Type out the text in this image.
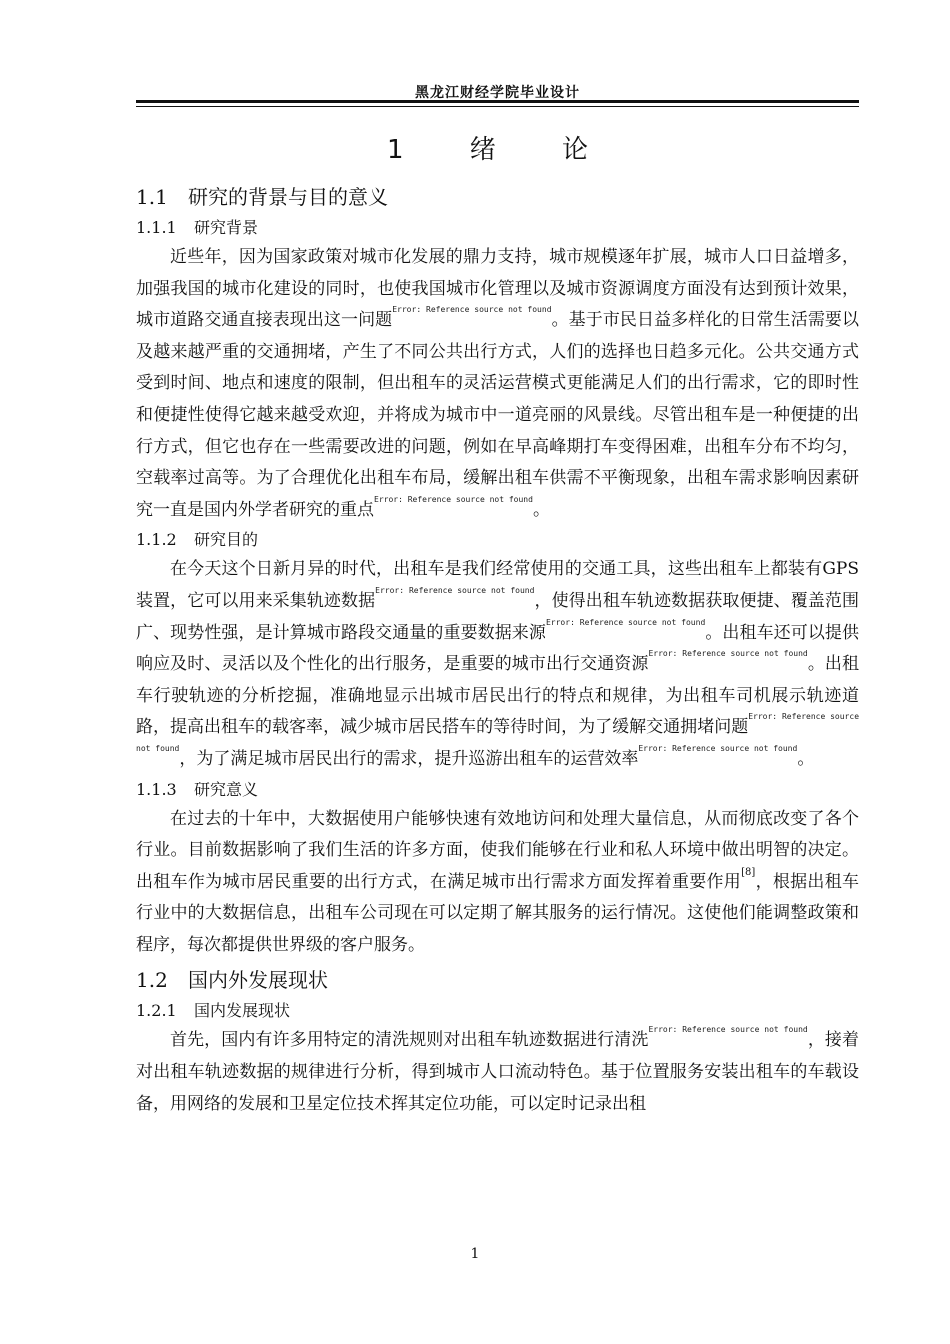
黑龙江财经学院毕业设计
1 绪 论
1.1 研究的背景与目的意义
1.1.1 研究背景

近些年，因为国家政策对城市化发展的鼎力支持，城市规模逐年扩展，城市人口日益增多，加强我国的城市化建设的同时，也使我国城市化管理以及城市资源调度方面没有达到预计效果，城市道路交通直接表现出这一问题$^{Error: Reference source not found}$。基于市民日益多样化的日常生活需要以及越来越严重的交通拥堵，产生了不同公共出行方式，人们的选择也日趋多元化。公共交通方式受到时间、地点和速度的限制，但出租车的灵活运营模式更能满足人们的出行需求，它的即时性和便捷性使得它越来越受欢迎，并将成为城市中一道亮丽的风景线。尽管出租车是一种便捷的出行方式，但它也存在一些需要改进的问题，例如在早高峰期打车变得困难，出租车分布不均匀，空载率过高等。为了合理优化出租车布局，缓解出租车供需不平衡现象，出租车需求影响因素研究一直是国内外学者研究的重点$^{Error: Reference source not found}$。

1.1.2 研究目的

在今天这个日新月异的时代，出租车是我们经常使用的交通工具，这些出租车上都装有GPS装置，它可以用来采集轨迹数据$^{Error: Reference source not found}$，使得出租车轨迹数据获取便捷、覆盖范围广、现势性强，是计算城市路段交通量的重要数据来源$^{Error: Reference source not found}$。出租车还可以提供响应及时、灵活以及个性化的出行服务，是重要的城市出行交通资源$^{Error: Reference source not found}$。出租车行驶轨迹的分析挖掘，准确地显示出城市居民出行的特点和规律，为出租车司机展示轨迹道路，提高出租车的载客率，减少城市居民搭车的等待时间，为了缓解交通拥堵问题$^{Error: Reference source not found}$，为了满足城市居民出行的需求，提升巡游出租车的运营效率$^{Error: Reference source not found}$。

1.1.3 研究意义

在过去的十年中，大数据使用户能够快速有效地访问和处理大量信息，从而彻底改变了各个行业。目前数据影响了我们生活的许多方面，使我们能够在行业和私人环境中做出明智的决定。出租车作为城市居民重要的出行方式，在满足城市出行需求方面发挥着重要作用[8]，根据出租车行业中的大数据信息，出租车公司现在可以定期了解其服务的运行情况。这使他们能调整政策和程序，每次都提供世界级的客户服务。

1.2 国内外发展现状
1.2.1 国内发展现状

首先，国内有许多用特定的清洗规则对出租车轨迹数据进行清洗$^{Error: Reference source not found}$，接着对出租车轨迹数据的规律进行分析，得到城市人口流动特色。基于位置服务安装出租车的车载设备，用网络的发展和卫星定位技术挥其定位功能，可以定时记录出租

1
